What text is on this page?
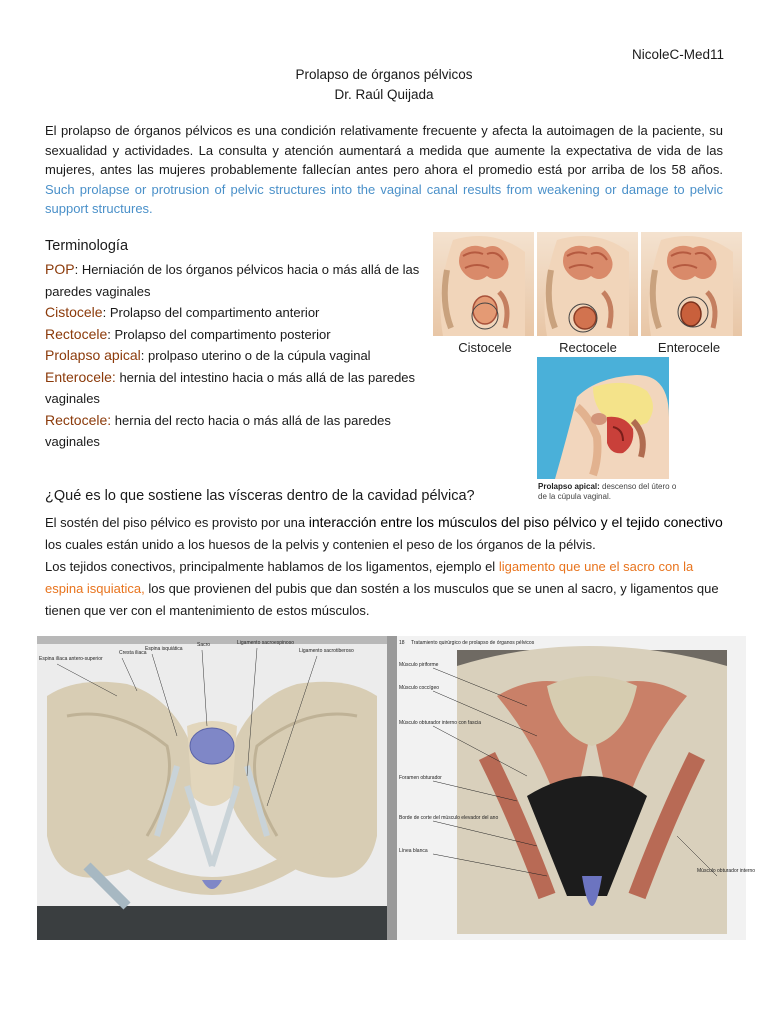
NicoleC-Med11
Prolapso de órganos pélvicos
Dr. Raúl Quijada
El prolapso de órganos pélvicos es una condición relativamente frecuente y afecta la autoimagen de la paciente, su sexualidad y actividades. La consulta y atención aumentará a medida que aumente la expectativa de vida de las mujeres, antes las mujeres probablemente fallecían antes pero ahora el promedio está por arriba de los 58 años. Such prolapse or protrusion of pelvic structures into the vaginal canal results from weakening or damage to pelvic support structures.
Terminología

POP: Herniación de los órganos pélvicos hacia o más allá de las paredes vaginales

Cistocele: Prolapso del compartimento anterior

Rectocele: Prolapso del compartimento posterior

Prolapso apical: prolpaso uterino o de la cúpula vaginal

Enterocele: hernia del intestino hacia o más allá de las paredes vaginales

Rectocele: hernia del recto hacia o más allá de las paredes vaginales

Cistocele	Rectocele	Enterocele
Prolapso apical: descenso del útero o de la cúpula vaginal.
¿Qué es lo que sostiene las vísceras dentro de la cavidad pélvica?

El sostén del piso pélvico es provisto por una interacción entre los músculos del piso pélvico y el tejido conectivo los cuales están unido a los huesos de la pelvis y contenien el peso de los órganos de la pélvis.

Los tejidos conectivos, principalmente hablamos de los ligamentos, ejemplo el ligamento que une el sacro con la espina isquiatica, los que provienen del pubis que dan sostén a los musculos que se unen al sacro, y ligamentos que tienen que ver con el mantenimiento de estos músculos.

Espina ilíaca antero-superior
Cresta iliaca
Espina isquiática
Sacro	Ligamento sacroespinoso
Ligamento sacrotiberoso
18 Tratamiento quirúrgico de prolapso de órganos pélvicos
Músculo piriforme
Músculo coccígeo
Músculo obturador interno con fascia
Foramen obturador
Borde de corte del músculo elevador del ano
Línea blanca
Músculo obturador interno
